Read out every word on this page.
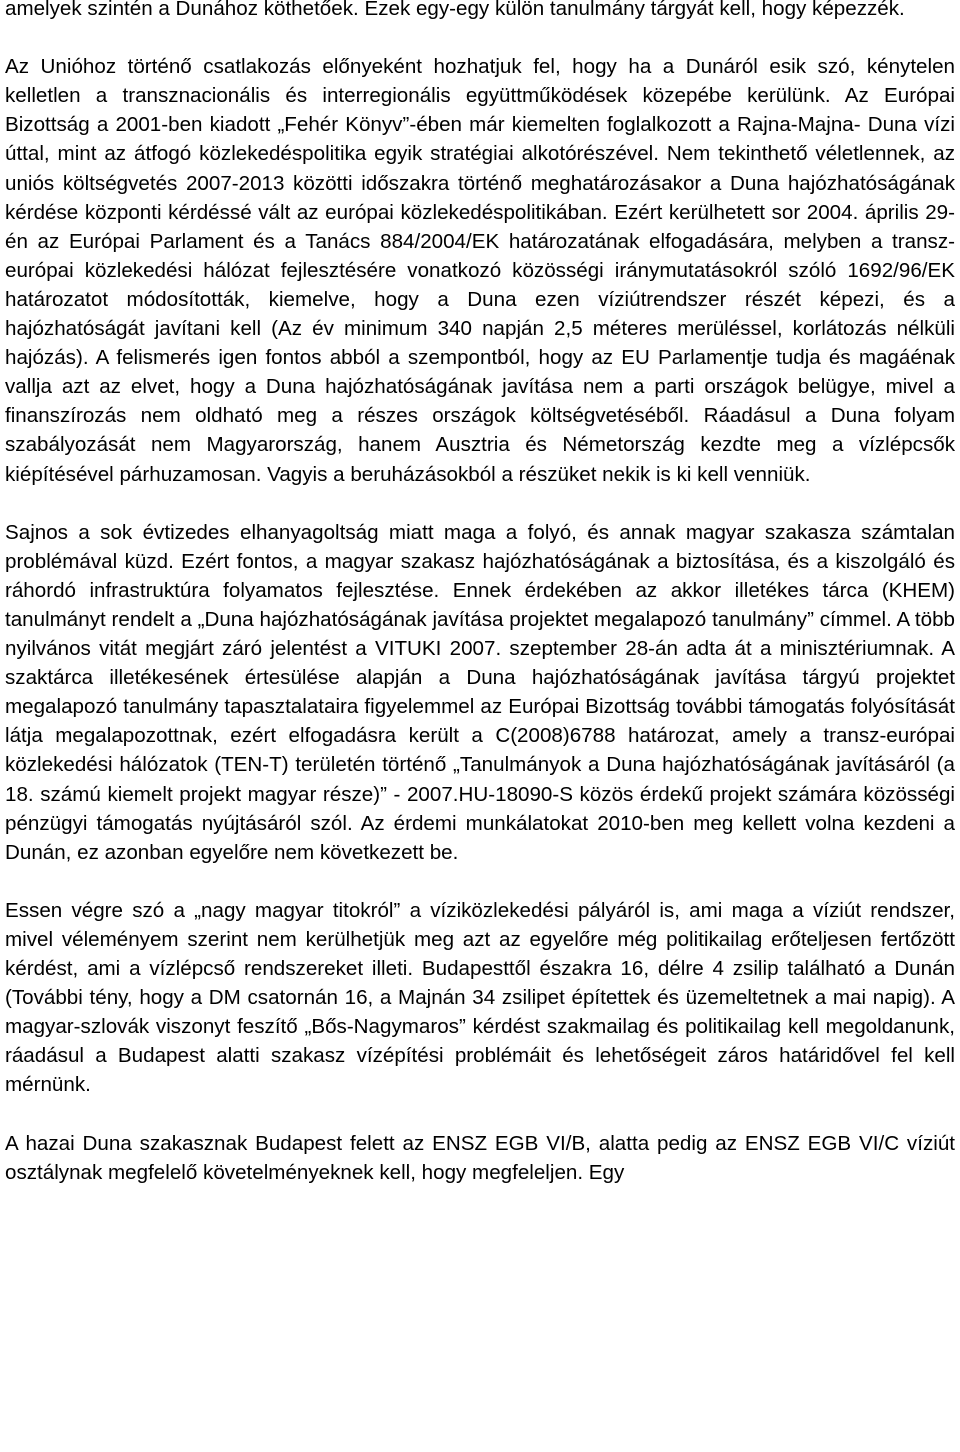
amelyek szintén a Dunához köthetőek. Ezek egy-egy külön tanulmány tárgyát kell, hogy képezzék.

Az Unióhoz történő csatlakozás előnyeként hozhatjuk fel, hogy ha a Dunáról esik szó, kénytelen kelletlen a transznacionális és interregionális együttműködések közepébe kerülünk. Az Európai Bizottság a 2001-ben kiadott „Fehér Könyv”-ében már kiemelten foglalkozott a Rajna-Majna- Duna vízi úttal, mint az átfogó közlekedéspolitika egyik stratégiai alkotórészével. Nem tekinthető véletlennek, az uniós költségvetés 2007-2013 közötti időszakra történő meghatározásakor a Duna hajózhatóságának kérdése központi kérdéssé vált az európai közlekedéspolitikában. Ezért kerülhetett sor 2004. április 29-én az Európai Parlament és a Tanács 884/2004/EK határozatának elfogadására, melyben a transz-európai közlekedési hálózat fejlesztésére vonatkozó közösségi iránymutatásokról szóló 1692/96/EK határozatot módosították, kiemelve, hogy a Duna ezen víziútrendszer részét képezi, és a hajózhatóságát javítani kell (Az év minimum 340 napján 2,5 méteres merüléssel, korlátozás nélküli hajózás). A felismerés igen fontos abból a szempontból, hogy az EU Parlamentje tudja és magáénak vallja azt az elvet, hogy a Duna hajózhatóságának javítása nem a parti országok belügye, mivel a finanszírozás nem oldható meg a részes országok költségvetéséből. Ráadásul a Duna folyam szabályozását nem Magyarország, hanem Ausztria és Németország kezdte meg a vízlépcsők kiépítésével párhuzamosan. Vagyis a beruházásokból a részüket nekik is ki kell venniük.

Sajnos a sok évtizedes elhanyagoltság miatt maga a folyó, és annak magyar szakasza számtalan problémával küzd. Ezért fontos, a magyar szakasz hajózhatóságának a biztosítása, és a kiszolgáló és ráhordó infrastruktúra folyamatos fejlesztése. Ennek érdekében az akkor illetékes tárca (KHEM) tanulmányt rendelt a „Duna hajózhatóságának javítása projektet megalapozó tanulmány” címmel. A több nyilvános vitát megjárt záró jelentést a VITUKI 2007. szeptember 28-án adta át a minisztériumnak. A szaktárca illetékesének értesülése alapján a Duna hajózhatóságának javítása tárgyú projektet megalapozó tanulmány tapasztalataira figyelemmel az Európai Bizottság további támogatás folyósítását látja megalapozottnak, ezért elfogadásra került a C(2008)6788 határozat, amely a transz-európai közlekedési hálózatok (TEN-T) területén történő „Tanulmányok a Duna hajózhatóságának javításáról (a 18. számú kiemelt projekt magyar része)” - 2007.HU-18090-S közös érdekű projekt számára közösségi pénzügyi támogatás nyújtásáról szól. Az érdemi munkálatokat 2010-ben meg kellett volna kezdeni a Dunán, ez azonban egyelőre nem következett be.

Essen végre szó a „nagy magyar titokról” a víziközlekedési pályáról is, ami maga a víziút rendszer, mivel véleményem szerint nem kerülhetjük meg azt az egyelőre még politikailag erőteljesen fertőzött kérdést, ami a vízlépcső rendszereket illeti. Budapesttől északra 16, délre 4 zsilip található a Dunán (További tény, hogy a DM csatornán 16, a Majnán 34 zsilipet építettek és üzemeltetnek a mai napig). A magyar-szlovák viszonyt feszítő „Bős-Nagymaros” kérdést szakmailag és politikailag kell megoldanunk, ráadásul a Budapest alatti szakasz vízépítési problémáit és lehetőségeit záros határidővel fel kell mérnünk.

A hazai Duna szakasznak Budapest felett az ENSZ EGB VI/B, alatta pedig az ENSZ EGB VI/C víziút osztálynak megfelelő követelményeknek kell, hogy megfeleljen. Egy
